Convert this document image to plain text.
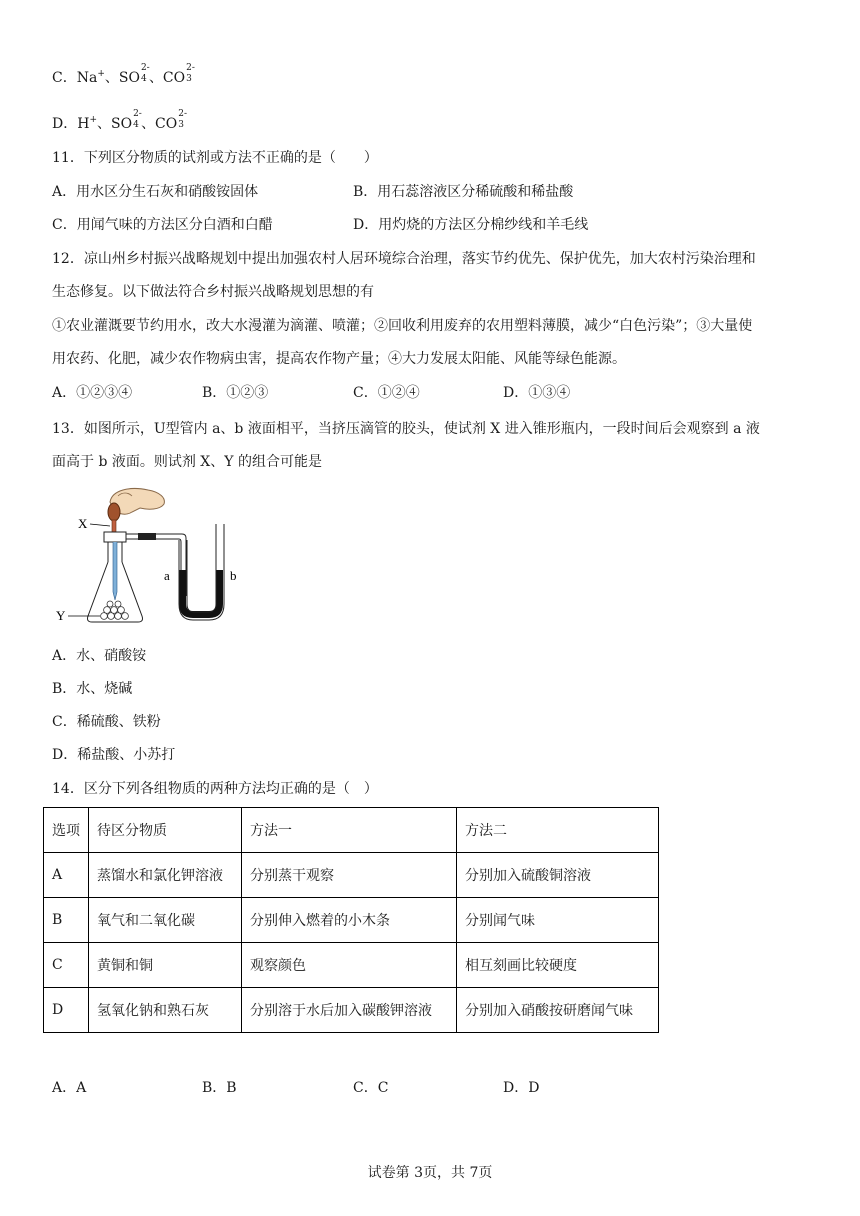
C．Na+、SO
2-
4 、CO
2-
3
D．H+、SO
2-
4 、CO
2-
3
11．下列区分物质的试剂或方法不正确的是（　　）
A．用水区分生石灰和硝酸铵固体	B．用石蕊溶液区分稀硫酸和稀盐酸
C．用闻气味的方法区分白酒和白醋	D．用灼烧的方法区分棉纱线和羊毛线
12．凉山州乡村振兴战略规划中提出加强农村人居环境综合治理，落实节约优先、保护优先，加大农村污染治理和
生态修复。以下做法符合乡村振兴战略规划思想的有
①农业灌溉要节约用水，改大水漫灌为滴灌、喷灌；②回收利用废弃的农用塑料薄膜，减少“白色污染”；③大量使
用农药、化肥，减少农作物病虫害，提高农作物产量；④大力发展太阳能、风能等绿色能源。
A．①②③④	B．①②③	C．①②④	D．①③④
13．如图所示，U型管内 a、b 液面相平，当挤压滴管的胶头，使试剂 X 进入锥形瓶内，一段时间后会观察到 a 液
面高于 b 液面。则试剂 X、Y 的组合可能是
X
Y
a	b
A．水、硝酸铵
B．水、烧碱
C．稀硫酸、铁粉
D．稀盐酸、小苏打
14．区分下列各组物质的两种方法均正确的是（　）
选项	待区分物质	方法一	方法二
A	蒸馏水和氯化钾溶液	分别蒸干观察	分别加入硫酸铜溶液
B	氧气和二氧化碳	分别伸入燃着的小木条	分别闻气味
C	黄铜和铜	观察颜色	相互刻画比较硬度
D	氢氧化钠和熟石灰	分别溶于水后加入碳酸钾溶液	分别加入硝酸按研磨闻气味
A．A	B．B	C．C	D．D
试卷第 3页，共 7页
